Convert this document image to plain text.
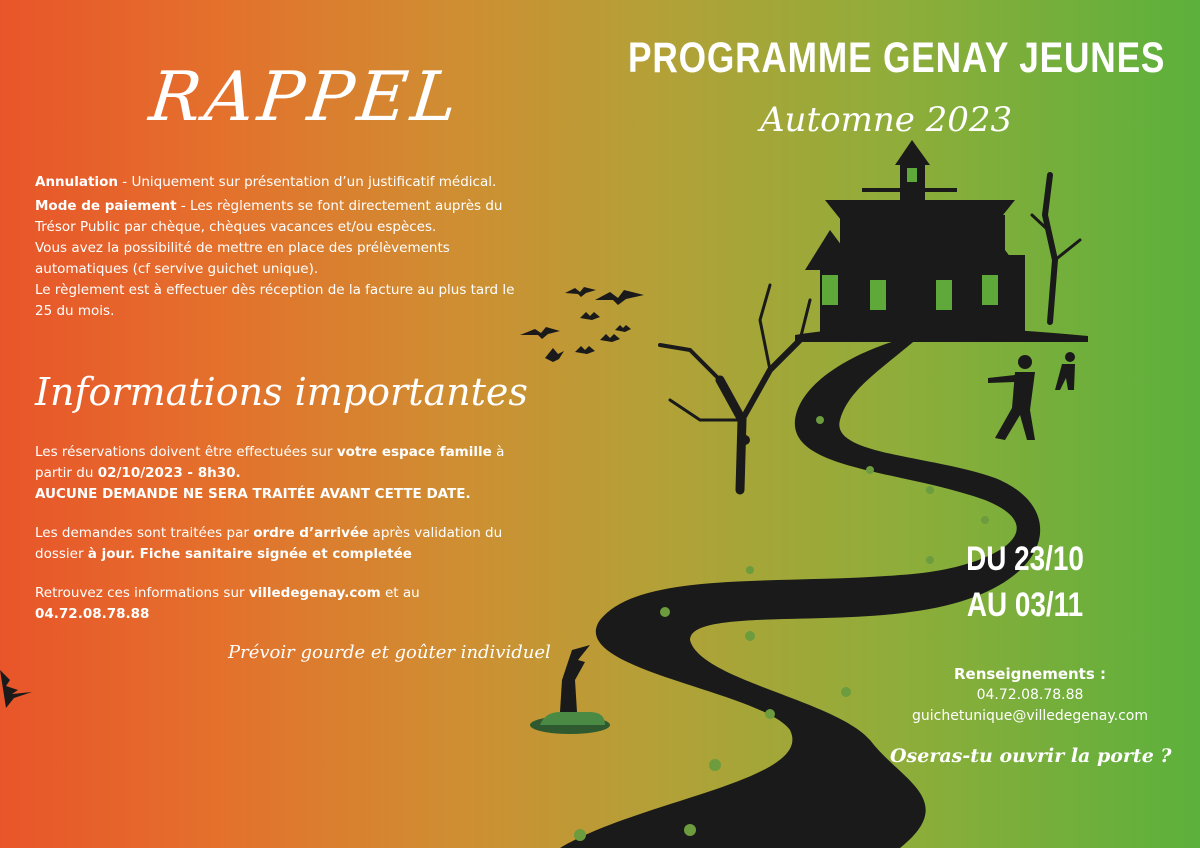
RAPPEL
Annulation - Uniquement sur présentation d’un justificatif médical.
Mode de paiement - Les règlements se font directement auprès du Trésor Public par chèque, chèques vacances et/ou espèces.
Vous avez la possibilité de mettre en place des prélèvements automatiques (cf servive guichet unique).
Le règlement est à effectuer dès réception de la facture au plus tard le 25 du mois.
Informations importantes
Les réservations doivent être effectuées sur votre espace famille à partir du 02/10/2023 - 8h30.
AUCUNE DEMANDE NE SERA TRAITÉE AVANT CETTE DATE.
Les demandes sont traitées par ordre d’arrivée après validation du dossier à jour. Fiche sanitaire signée et completée
Retrouvez ces informations sur villedegenay.com et au 04.72.08.78.88
Prévoir gourde et goûter individuel
PROGRAMME GENAY JEUNES
Automne 2023
DU 23/10
AU 03/11
Renseignements :
04.72.08.78.88
guichetunique@villedegenay.com
Oseras-tu ouvrir la porte ?
